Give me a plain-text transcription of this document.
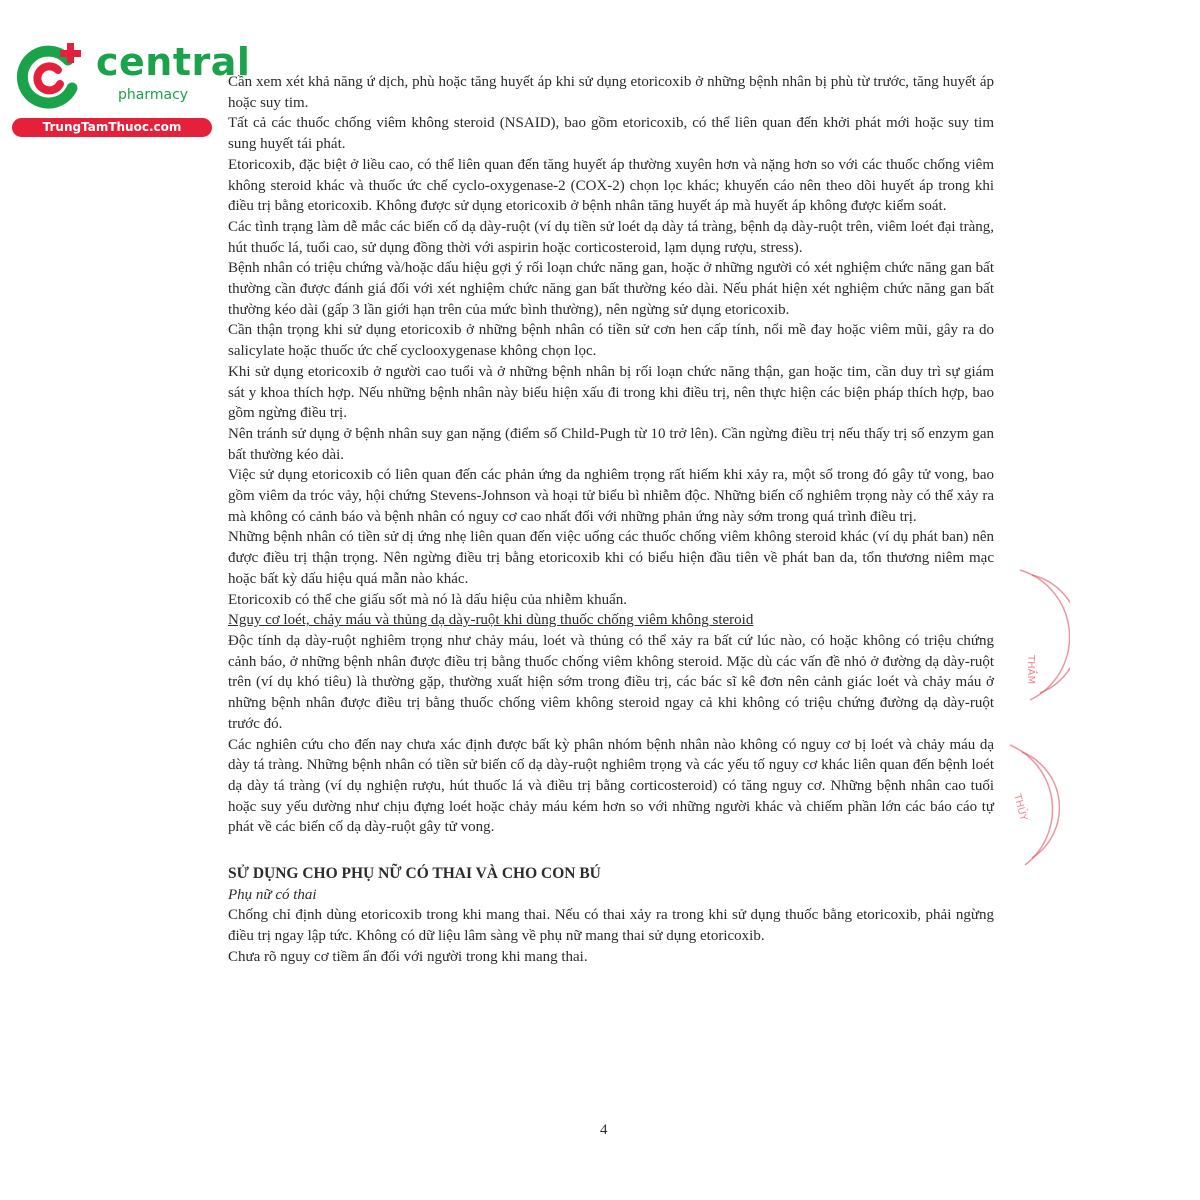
central
pharmacy
TrungTamThuoc.com

Cần xem xét khả năng ứ dịch, phù hoặc tăng huyết áp khi sử dụng etoricoxib ở những bệnh nhân bị phù từ trước, tăng huyết áp hoặc suy tim.

Tất cả các thuốc chống viêm không steroid (NSAID), bao gồm etoricoxib, có thể liên quan đến khởi phát mới hoặc suy tim sung huyết tái phát.

Etoricoxib, đặc biệt ở liều cao, có thể liên quan đến tăng huyết áp thường xuyên hơn và nặng hơn so với các thuốc chống viêm không steroid khác và thuốc ức chế cyclo-oxygenase-2 (COX-2) chọn lọc khác; khuyến cáo nên theo dõi huyết áp trong khi điều trị bằng etoricoxib. Không được sử dụng etoricoxib ở bệnh nhân tăng huyết áp mà huyết áp không được kiểm soát.

Các tình trạng làm dễ mắc các biến cố dạ dày-ruột (ví dụ tiền sử loét dạ dày tá tràng, bệnh dạ dày-ruột trên, viêm loét đại tràng, hút thuốc lá, tuổi cao, sử dụng đồng thời với aspirin hoặc corticosteroid, lạm dụng rượu, stress).

Bệnh nhân có triệu chứng và/hoặc dấu hiệu gợi ý rối loạn chức năng gan, hoặc ở những người có xét nghiệm chức năng gan bất thường cần được đánh giá đối với xét nghiệm chức năng gan bất thường kéo dài. Nếu phát hiện xét nghiệm chức năng gan bất thường kéo dài (gấp 3 lần giới hạn trên của mức bình thường), nên ngừng sử dụng etoricoxib.

Cần thận trọng khi sử dụng etoricoxib ở những bệnh nhân có tiền sử cơn hen cấp tính, nổi mề đay hoặc viêm mũi, gây ra do salicylate hoặc thuốc ức chế cyclooxygenase không chọn lọc.

Khi sử dụng etoricoxib ở người cao tuổi và ở những bệnh nhân bị rối loạn chức năng thận, gan hoặc tim, cần duy trì sự giám sát y khoa thích hợp. Nếu những bệnh nhân này biểu hiện xấu đi trong khi điều trị, nên thực hiện các biện pháp thích hợp, bao gồm ngừng điều trị.

Nên tránh sử dụng ở bệnh nhân suy gan nặng (điểm số Child-Pugh từ 10 trở lên). Cần ngừng điều trị nếu thấy trị số enzym gan bất thường kéo dài.

Việc sử dụng etoricoxib có liên quan đến các phản ứng da nghiêm trọng rất hiếm khi xảy ra, một số trong đó gây tử vong, bao gồm viêm da tróc vảy, hội chứng Stevens-Johnson và hoại tử biểu bì nhiễm độc. Những biến cố nghiêm trọng này có thể xảy ra mà không có cảnh báo và bệnh nhân có nguy cơ cao nhất đối với những phản ứng này sớm trong quá trình điều trị.

Những bệnh nhân có tiền sử dị ứng nhẹ liên quan đến việc uống các thuốc chống viêm không steroid khác (ví dụ phát ban) nên được điều trị thận trọng. Nên ngừng điều trị bằng etoricoxib khi có biểu hiện đầu tiên về phát ban da, tổn thương niêm mạc hoặc bất kỳ dấu hiệu quá mẫn nào khác.

Etoricoxib có thể che giấu sốt mà nó là dấu hiệu của nhiễm khuẩn.

Nguy cơ loét, chảy máu và thủng dạ dày-ruột khi dùng thuốc chống viêm không steroid

Độc tính dạ dày-ruột nghiêm trọng như chảy máu, loét và thủng có thể xảy ra bất cứ lúc nào, có hoặc không có triệu chứng cảnh báo, ở những bệnh nhân được điều trị bằng thuốc chống viêm không steroid. Mặc dù các vấn đề nhỏ ở đường dạ dày-ruột trên (ví dụ khó tiêu) là thường gặp, thường xuất hiện sớm trong điều trị, các bác sĩ kê đơn nên cảnh giác loét và chảy máu ở những bệnh nhân được điều trị bằng thuốc chống viêm không steroid ngay cả khi không có triệu chứng đường dạ dày-ruột trước đó.

Các nghiên cứu cho đến nay chưa xác định được bất kỳ phân nhóm bệnh nhân nào không có nguy cơ bị loét và chảy máu dạ dày tá tràng. Những bệnh nhân có tiền sử biến cố dạ dày-ruột nghiêm trọng và các yếu tố nguy cơ khác liên quan đến bệnh loét dạ dày tá tràng (ví dụ nghiện rượu, hút thuốc lá và điều trị bằng corticosteroid) có tăng nguy cơ. Những bệnh nhân cao tuổi hoặc suy yếu dường như chịu đựng loét hoặc chảy máu kém hơn so với những người khác và chiếm phần lớn các báo cáo tự phát về các biến cố dạ dày-ruột gây tử vong.

SỬ DỤNG CHO PHỤ NỮ CÓ THAI VÀ CHO CON BÚ

Phụ nữ có thai

Chống chỉ định dùng etoricoxib trong khi mang thai. Nếu có thai xảy ra trong khi sử dụng thuốc bằng etoricoxib, phải ngừng điều trị ngay lập tức. Không có dữ liệu lâm sàng về phụ nữ mang thai sử dụng etoricoxib.

Chưa rõ nguy cơ tiềm ẩn đối với người trong khi mang thai.

4
THẮM
THỦY
